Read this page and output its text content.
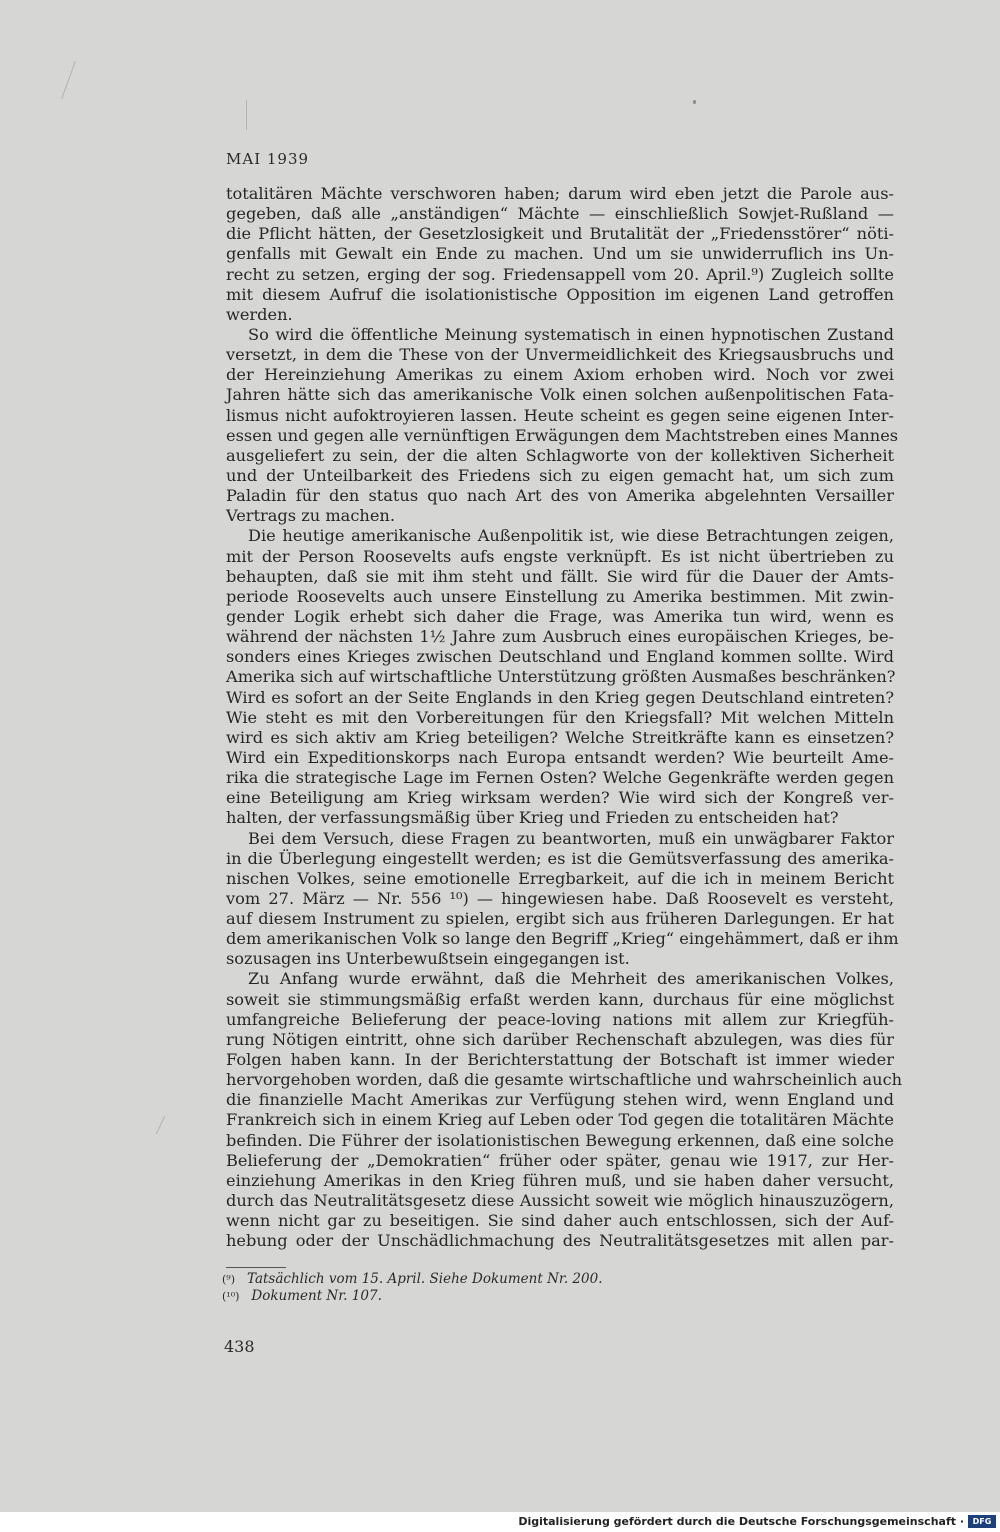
MAI 1939
totalitären Mächte verschworen haben; darum wird eben jetzt die Parole aus-
gegeben, daß alle „anständigen“ Mächte — einschließlich Sowjet-Rußland —
die Pflicht hätten, der Gesetzlosigkeit und Brutalität der „Friedensstörer“ nöti-
genfalls mit Gewalt ein Ende zu machen. Und um sie unwiderruflich ins Un-
recht zu setzen, erging der sog. Friedensappell vom 20. April.⁹) Zugleich sollte
mit diesem Aufruf die isolationistische Opposition im eigenen Land getroffen
werden.
So wird die öffentliche Meinung systematisch in einen hypnotischen Zustand
versetzt, in dem die These von der Unvermeidlichkeit des Kriegsausbruchs und
der Hereinziehung Amerikas zu einem Axiom erhoben wird. Noch vor zwei
Jahren hätte sich das amerikanische Volk einen solchen außenpolitischen Fata-
lismus nicht aufoktroyieren lassen. Heute scheint es gegen seine eigenen Inter-
essen und gegen alle vernünftigen Erwägungen dem Machtstreben eines Mannes
ausgeliefert zu sein, der die alten Schlagworte von der kollektiven Sicherheit
und der Unteilbarkeit des Friedens sich zu eigen gemacht hat, um sich zum
Paladin für den status quo nach Art des von Amerika abgelehnten Versailler
Vertrags zu machen.
Die heutige amerikanische Außenpolitik ist, wie diese Betrachtungen zeigen,
mit der Person Roosevelts aufs engste verknüpft. Es ist nicht übertrieben zu
behaupten, daß sie mit ihm steht und fällt. Sie wird für die Dauer der Amts-
periode Roosevelts auch unsere Einstellung zu Amerika bestimmen. Mit zwin-
gender Logik erhebt sich daher die Frage, was Amerika tun wird, wenn es
während der nächsten 1½ Jahre zum Ausbruch eines europäischen Krieges, be-
sonders eines Krieges zwischen Deutschland und England kommen sollte. Wird
Amerika sich auf wirtschaftliche Unterstützung größten Ausmaßes beschränken?
Wird es sofort an der Seite Englands in den Krieg gegen Deutschland eintreten?
Wie steht es mit den Vorbereitungen für den Kriegsfall? Mit welchen Mitteln
wird es sich aktiv am Krieg beteiligen? Welche Streitkräfte kann es einsetzen?
Wird ein Expeditionskorps nach Europa entsandt werden? Wie beurteilt Ame-
rika die strategische Lage im Fernen Osten? Welche Gegenkräfte werden gegen
eine Beteiligung am Krieg wirksam werden? Wie wird sich der Kongreß ver-
halten, der verfassungsmäßig über Krieg und Frieden zu entscheiden hat?
Bei dem Versuch, diese Fragen zu beantworten, muß ein unwägbarer Faktor
in die Überlegung eingestellt werden; es ist die Gemütsverfassung des amerika-
nischen Volkes, seine emotionelle Erregbarkeit, auf die ich in meinem Bericht
vom 27. März — Nr. 556 ¹⁰) — hingewiesen habe. Daß Roosevelt es versteht,
auf diesem Instrument zu spielen, ergibt sich aus früheren Darlegungen. Er hat
dem amerikanischen Volk so lange den Begriff „Krieg“ eingehämmert, daß er ihm
sozusagen ins Unterbewußtsein eingegangen ist.
Zu Anfang wurde erwähnt, daß die Mehrheit des amerikanischen Volkes,
soweit sie stimmungsmäßig erfaßt werden kann, durchaus für eine möglichst
umfangreiche Belieferung der peace-loving nations mit allem zur Kriegfüh-
rung Nötigen eintritt, ohne sich darüber Rechenschaft abzulegen, was dies für
Folgen haben kann. In der Berichterstattung der Botschaft ist immer wieder
hervorgehoben worden, daß die gesamte wirtschaftliche und wahrscheinlich auch
die finanzielle Macht Amerikas zur Verfügung stehen wird, wenn England und
Frankreich sich in einem Krieg auf Leben oder Tod gegen die totalitären Mächte
befinden. Die Führer der isolationistischen Bewegung erkennen, daß eine solche
Belieferung der „Demokratien“ früher oder später, genau wie 1917, zur Her-
einziehung Amerikas in den Krieg führen muß, und sie haben daher versucht,
durch das Neutralitätsgesetz diese Aussicht soweit wie möglich hinauszuzögern,
wenn nicht gar zu beseitigen. Sie sind daher auch entschlossen, sich der Auf-
hebung oder der Unschädlichmachung des Neutralitätsgesetzes mit allen par-
(⁹) Tatsächlich vom 15. April. Siehe Dokument Nr. 200.
(¹⁰) Dokument Nr. 107.
438
Digitalisierung gefördert durch die Deutsche Forschungsgemeinschaft ·	DFG
